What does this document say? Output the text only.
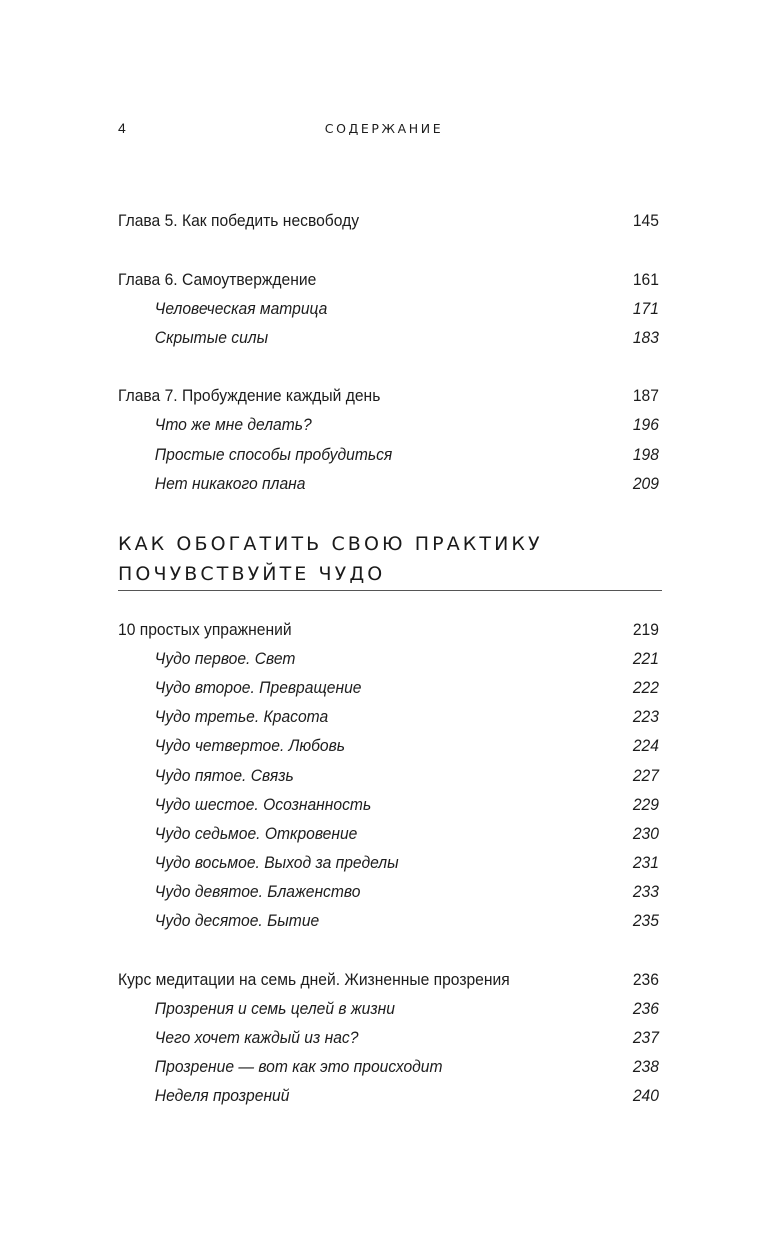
4	СОДЕРЖАНИЕ
Глава 5. Как победить несвободу	145
Глава 6. Самоутверждение	161
Человеческая матрица	171
Скрытые силы	183
Глава 7. Пробуждение каждый день	187
Что же мне делать?	196
Простые способы пробудиться	198
Нет никакого плана	209
КАК ОБОГАТИТЬ СВОЮ ПРАКТИКУ
ПОЧУВСТВУЙТЕ ЧУДО
10 простых упражнений	219
Чудо первое. Свет	221
Чудо второе. Превращение	222
Чудо третье. Красота	223
Чудо четвертое. Любовь	224
Чудо пятое. Связь	227
Чудо шестое. Осознанность	229
Чудо седьмое. Откровение	230
Чудо восьмое. Выход за пределы	231
Чудо девятое. Блаженство	233
Чудо десятое. Бытие	235
Курс медитации на семь дней. Жизненные прозрения	236
Прозрения и семь целей в жизни	236
Чего хочет каждый из нас?	237
Прозрение — вот как это происходит	238
Неделя прозрений	240
